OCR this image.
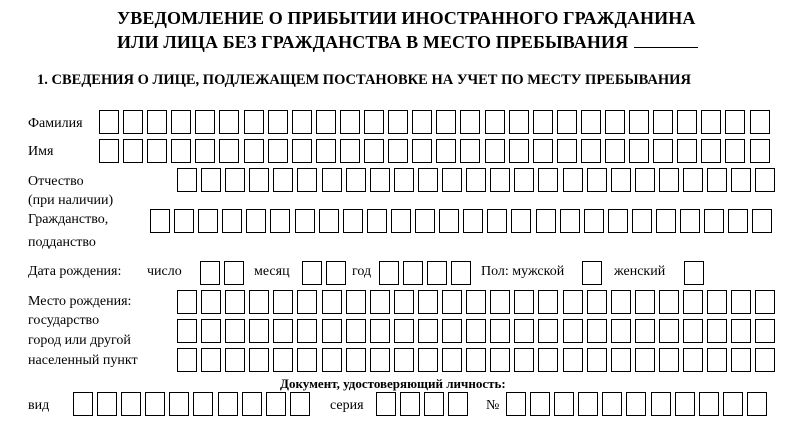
УВЕДОМЛЕНИЕ О ПРИБЫТИИ ИНОСТРАННОГО ГРАЖДАНИНА
ИЛИ ЛИЦА БЕЗ ГРАЖДАНСТВА В МЕСТО ПРЕБЫВАНИЯ
1. СВЕДЕНИЯ О ЛИЦЕ, ПОДЛЕЖАЩЕМ ПОСТАНОВКЕ НА УЧЕТ ПО МЕСТУ ПРЕБЫВАНИЯ
Фамилия
Имя
Отчество
(при наличии)
Гражданство,
подданство
Дата рождения: число	месяц	год	Пол: мужской	женский
Место рождения:
государство
город или другой
населенный пункт
Документ, удостоверяющий личность:
вид	серия	№
